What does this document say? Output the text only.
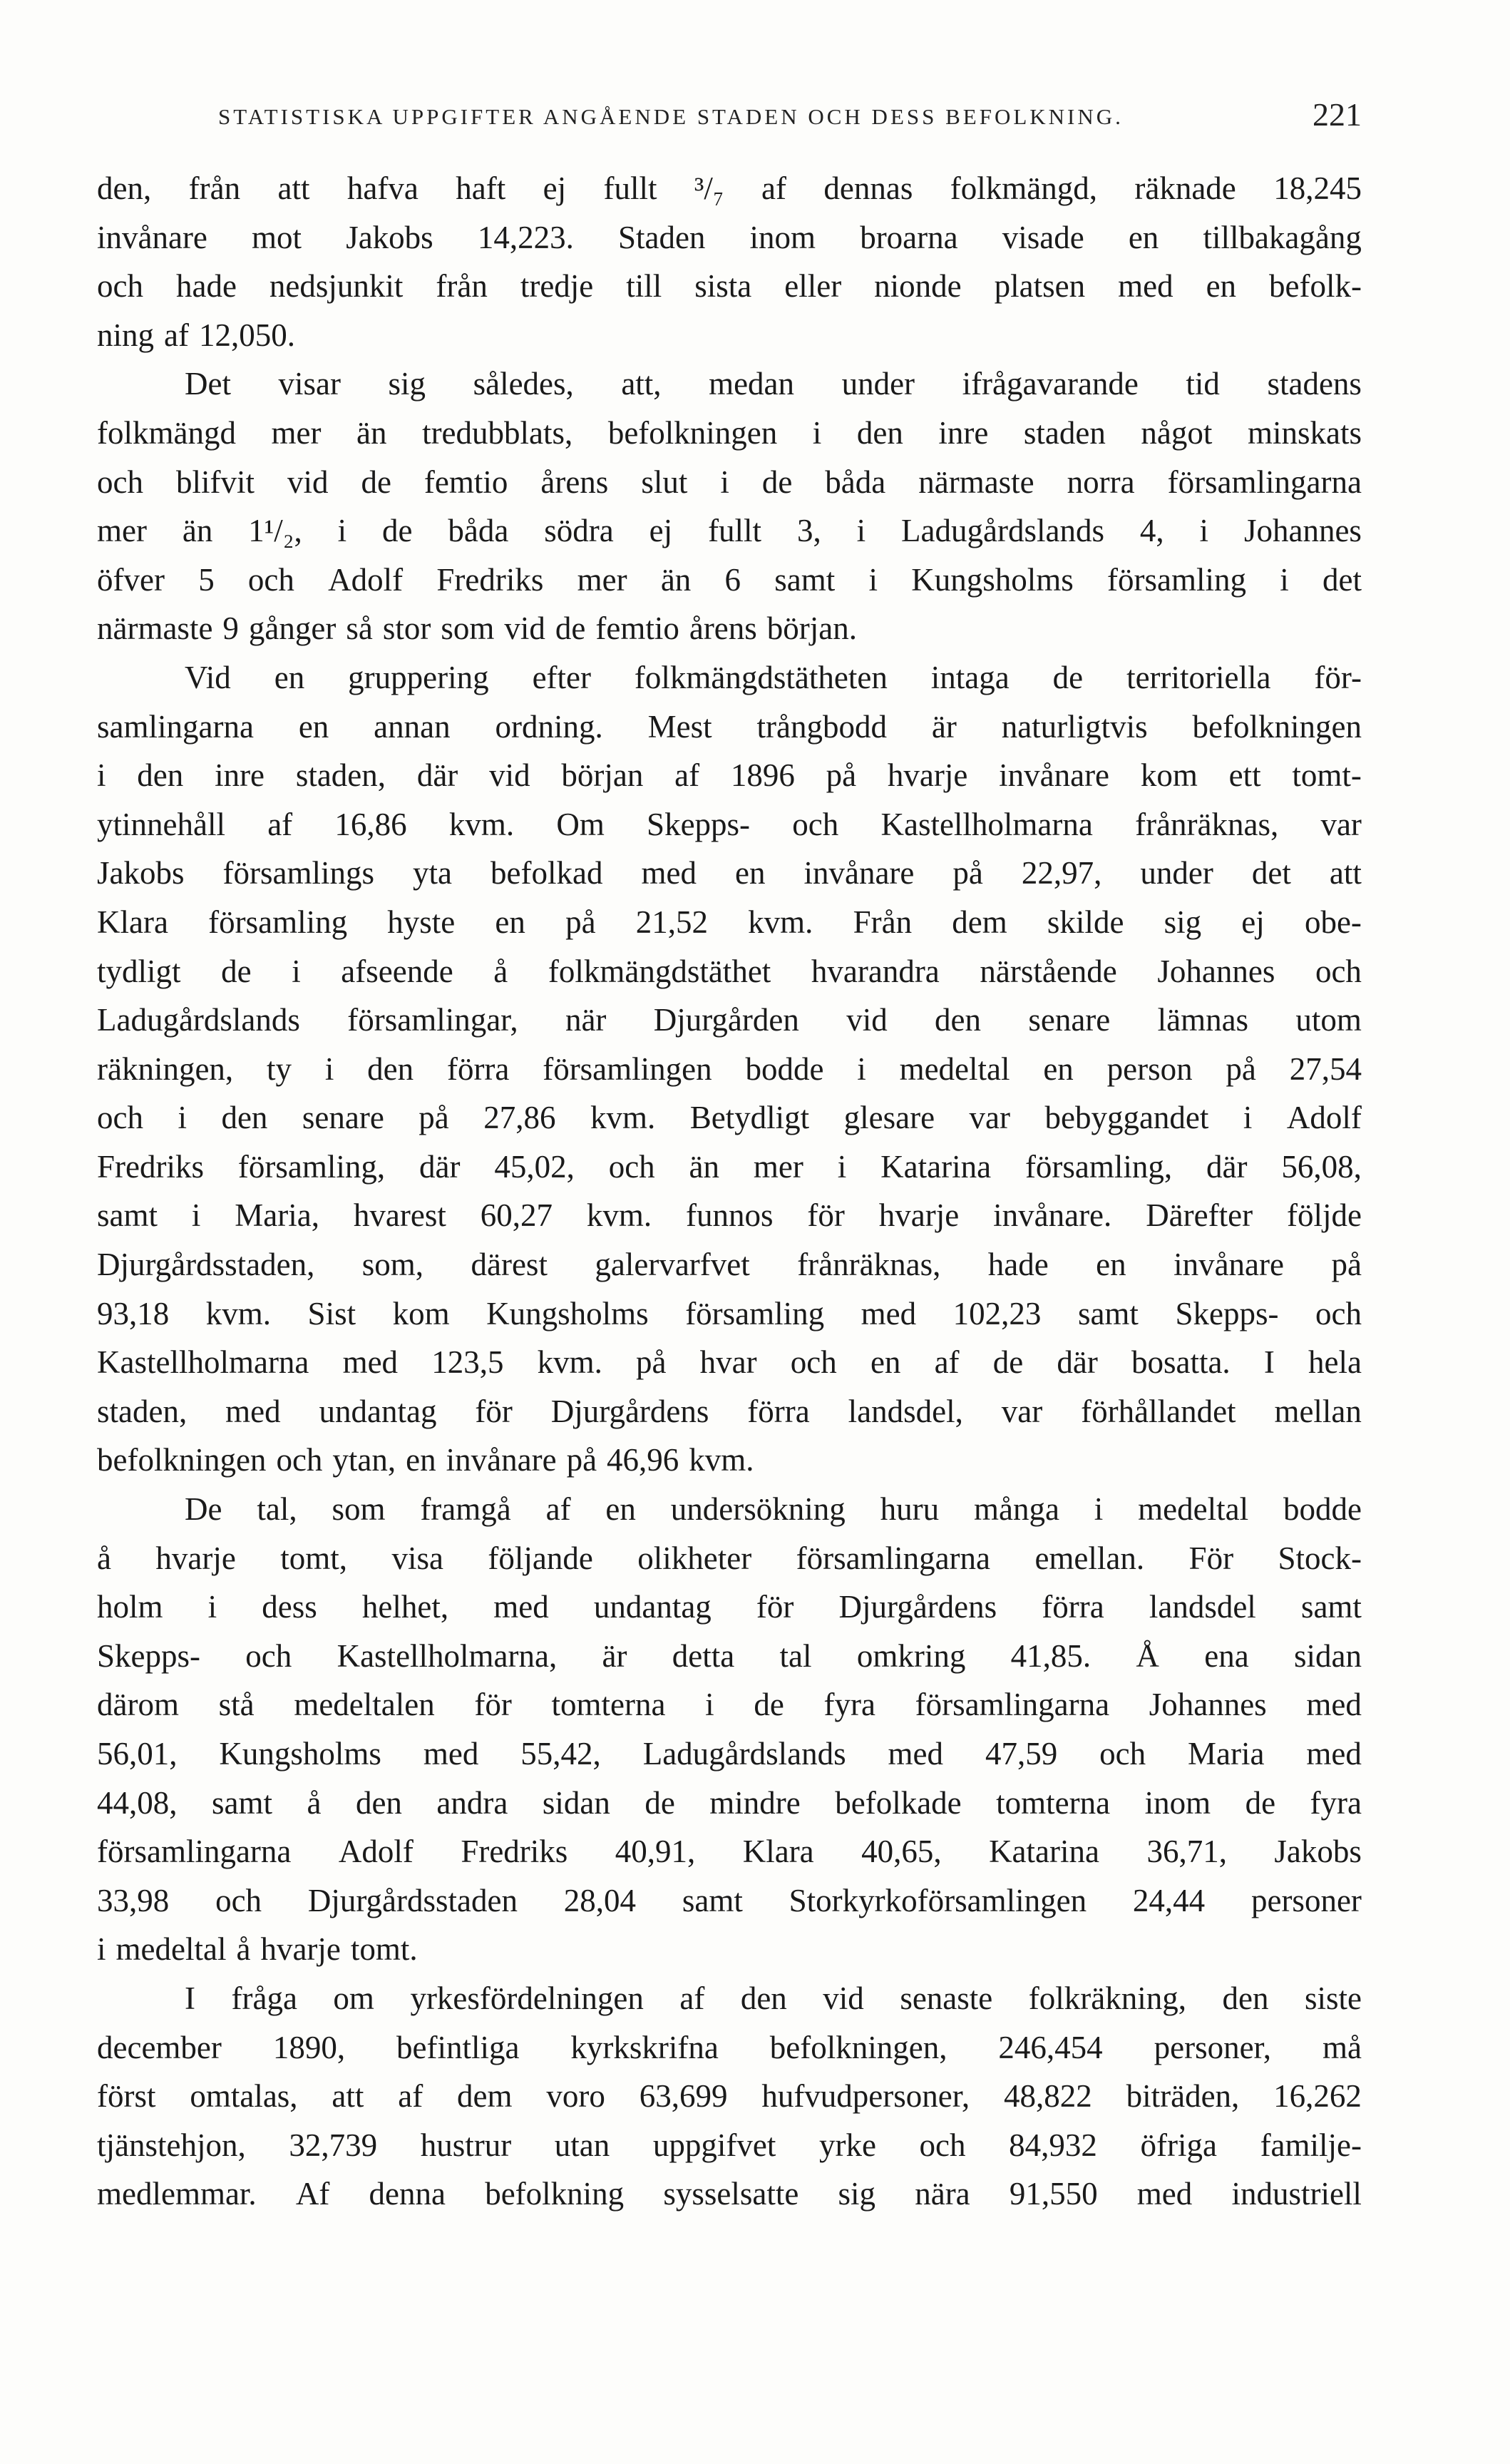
STATISTISKA UPPGIFTER ANGÅENDE STADEN OCH DESS BEFOLKNING.	221
den, från att hafva haft ej fullt ³/₇ af dennas folkmängd, räknade 18,245
invånare mot Jakobs 14,223. Staden inom broarna visade en tillbakagång
och hade nedsjunkit från tredje till sista eller nionde platsen med en befolk-
ning af 12,050.
Det visar sig således, att, medan under ifrågavarande tid stadens
folkmängd mer än tredubblats, befolkningen i den inre staden något minskats
och blifvit vid de femtio årens slut i de båda närmaste norra församlingarna
mer än 1¹/₂, i de båda södra ej fullt 3, i Ladugårdslands 4, i Johannes
öfver 5 och Adolf Fredriks mer än 6 samt i Kungsholms församling i det
närmaste 9 gånger så stor som vid de femtio årens början.
Vid en gruppering efter folkmängdstätheten intaga de territoriella för-
samlingarna en annan ordning. Mest trångbodd är naturligtvis befolkningen
i den inre staden, där vid början af 1896 på hvarje invånare kom ett tomt-
ytinnehåll af 16,86 kvm. Om Skepps- och Kastellholmarna frånräknas, var
Jakobs församlings yta befolkad med en invånare på 22,97, under det att
Klara församling hyste en på 21,52 kvm. Från dem skilde sig ej obe-
tydligt de i afseende å folkmängdstäthet hvarandra närstående Johannes och
Ladugårdslands församlingar, när Djurgården vid den senare lämnas utom
räkningen, ty i den förra församlingen bodde i medeltal en person på 27,54
och i den senare på 27,86 kvm. Betydligt glesare var bebyggandet i Adolf
Fredriks församling, där 45,02, och än mer i Katarina församling, där 56,08,
samt i Maria, hvarest 60,27 kvm. funnos för hvarje invånare. Därefter följde
Djurgårdsstaden, som, därest galervarfvet frånräknas, hade en invånare på
93,18 kvm. Sist kom Kungsholms församling med 102,23 samt Skepps- och
Kastellholmarna med 123,5 kvm. på hvar och en af de där bosatta. I hela
staden, med undantag för Djurgårdens förra landsdel, var förhållandet mellan
befolkningen och ytan, en invånare på 46,96 kvm.
De tal, som framgå af en undersökning huru många i medeltal bodde
å hvarje tomt, visa följande olikheter församlingarna emellan. För Stock-
holm i dess helhet, med undantag för Djurgårdens förra landsdel samt
Skepps- och Kastellholmarna, är detta tal omkring 41,85. Å ena sidan
därom stå medeltalen för tomterna i de fyra församlingarna Johannes med
56,01, Kungsholms med 55,42, Ladugårdslands med 47,59 och Maria med
44,08, samt å den andra sidan de mindre befolkade tomterna inom de fyra
församlingarna Adolf Fredriks 40,91, Klara 40,65, Katarina 36,71, Jakobs
33,98 och Djurgårdsstaden 28,04 samt Storkyrkoförsamlingen 24,44 personer
i medeltal å hvarje tomt.
I fråga om yrkesfördelningen af den vid senaste folkräkning, den siste
december 1890, befintliga kyrkskrifna befolkningen, 246,454 personer, må
först omtalas, att af dem voro 63,699 hufvudpersoner, 48,822 biträden, 16,262
tjänstehjon, 32,739 hustrur utan uppgifvet yrke och 84,932 öfriga familje-
medlemmar. Af denna befolkning sysselsatte sig nära 91,550 med industriell
